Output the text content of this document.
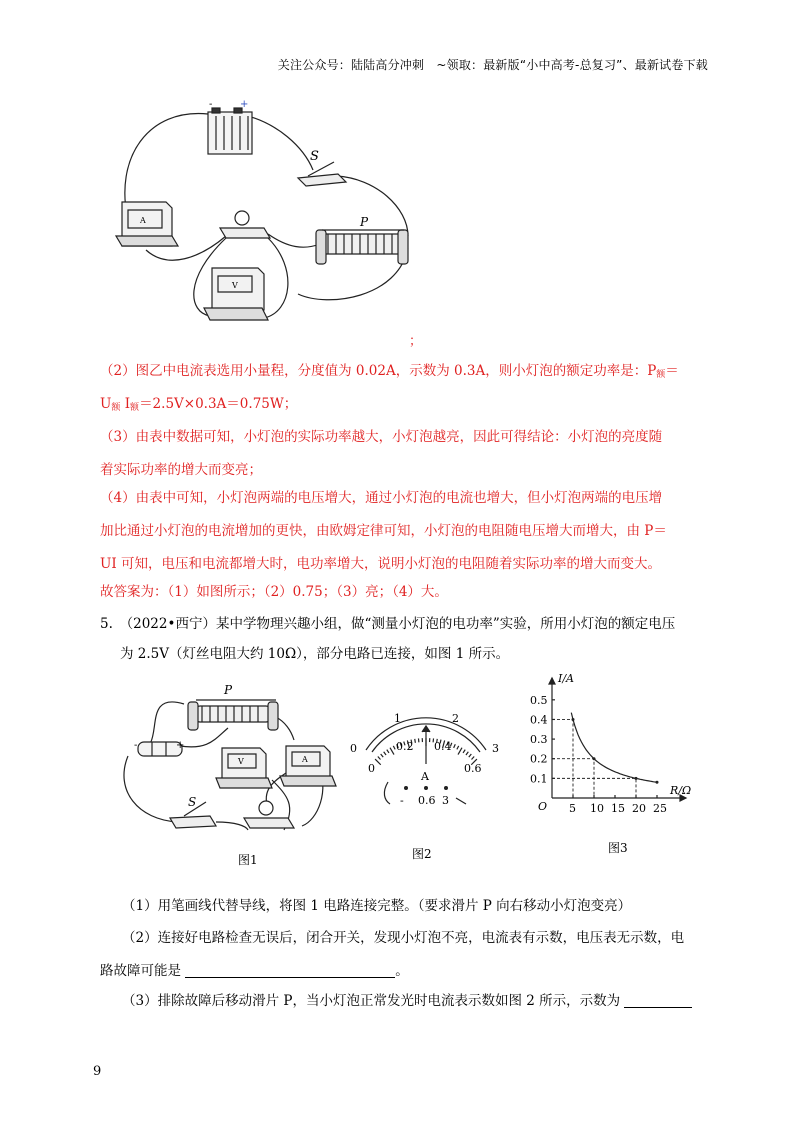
关注公众号：陆陆高分冲刺　~领取：最新版“小中高考-总复习”、最新试卷下载
-	+
S
P
A
V
；
（2）图乙中电流表选用小量程，分度值为 0.02A，示数为 0.3A，则小灯泡的额定功率是：$P_额=$
$U_额$ $I_额=2.5V\times 0.3A=0.75W$；
（3）由表中数据可知，小灯泡的实际功率越大，小灯泡越亮，因此可得结论：小灯泡的亮度随
着实际功率的增大而变亮；
（4）由表中可知，小灯泡两端的电压增大，通过小灯泡的电流也增大，但小灯泡两端的电压增
加比通过小灯泡的电流增加的更快，由欧姆定律可知，小灯泡的电阻随电压增大而增大，由 P＝
UI 可知，电压和电流都增大时，电功率增大，说明小灯泡的电阻随着实际功率的增大而变大。
故答案为：（1）如图所示；（2）0.75；（3）亮；（4）大。
5.　（2022•西宁）某中学物理兴趣小组，做“测量小灯泡的电功率”实验，所用小灯泡的额定电压
为 2.5V（灯丝电阻大约 10Ω），部分电路已连接，如图 1 所示。
P
S
-	+
V	A
图1
0
1	2
3
0
0.2 0.4
0.6
A
- 0.6 3
图2
0.5
0.4
0.3
0.2
0.1
5 10 15 20 25
I/A
R/Ω
O
图3
（1）用笔画线代替导线，将图 1 电路连接完整。（要求滑片 P 向右移动小灯泡变亮）
（2）连接好电路检查无误后，闭合开关，发现小灯泡不亮，电流表有示数，电压表无示数，电
路故障可能是	。
（3）排除故障后移动滑片 P，当小灯泡正常发光时电流表示数如图 2 所示，示数为
9
